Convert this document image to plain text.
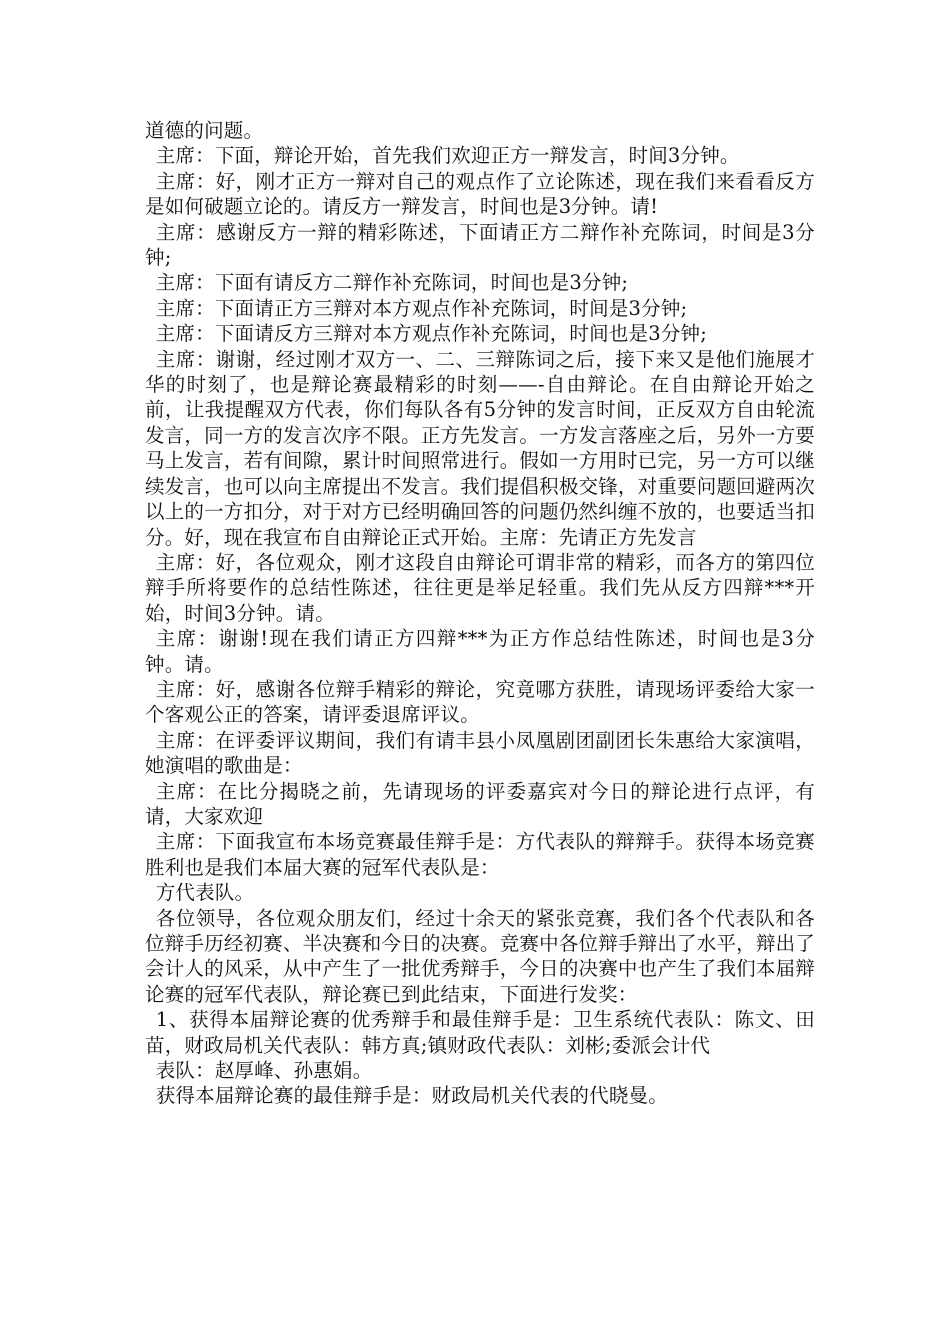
道德的问题。

主席：下面，辩论开始，首先我们欢迎正方一辩发言，时间3分钟。

主席：好，刚才正方一辩对自己的观点作了立论陈述，现在我们来看看反方是如何破题立论的。请反方一辩发言，时间也是3分钟。请!

主席：感谢反方一辩的精彩陈述，下面请正方二辩作补充陈词，时间是3分钟;

主席：下面有请反方二辩作补充陈词，时间也是3分钟;

主席：下面请正方三辩对本方观点作补充陈词，时间是3分钟;

主席：下面请反方三辩对本方观点作补充陈词，时间也是3分钟;

主席：谢谢，经过刚才双方一、二、三辩陈词之后，接下来又是他们施展才华的时刻了，也是辩论赛最精彩的时刻——-自由辩论。在自由辩论开始之前，让我提醒双方代表，你们每队各有5分钟的发言时间，正反双方自由轮流发言，同一方的发言次序不限。正方先发言。一方发言落座之后，另外一方要马上发言，若有间隙，累计时间照常进行。假如一方用时已完，另一方可以继续发言，也可以向主席提出不发言。我们提倡积极交锋，对重要问题回避两次以上的一方扣分，对于对方已经明确回答的问题仍然纠缠不放的，也要适当扣分。好，现在我宣布自由辩论正式开始。主席：先请正方先发言

主席：好，各位观众，刚才这段自由辩论可谓非常的精彩，而各方的第四位辩手所将要作的总结性陈述，往往更是举足轻重。我们先从反方四辩***开始，时间3分钟。请。

主席：谢谢!现在我们请正方四辩***为正方作总结性陈述，时间也是3分钟。请。

主席：好，感谢各位辩手精彩的辩论，究竟哪方获胜，请现场评委给大家一个客观公正的答案，请评委退席评议。

主席：在评委评议期间，我们有请丰县小凤凰剧团副团长朱惠给大家演唱，她演唱的歌曲是：

主席：在比分揭晓之前，先请现场的评委嘉宾对今日的辩论进行点评，有请，大家欢迎

主席：下面我宣布本场竞赛最佳辩手是：方代表队的辩辩手。获得本场竞赛胜利也是我们本届大赛的冠军代表队是：

方代表队。

各位领导，各位观众朋友们，经过十余天的紧张竞赛，我们各个代表队和各位辩手历经初赛、半决赛和今日的决赛。竞赛中各位辩手辩出了水平，辩出了会计人的风采，从中产生了一批优秀辩手，今日的决赛中也产生了我们本届辩论赛的冠军代表队，辩论赛已到此结束，下面进行发奖：

1、获得本届辩论赛的优秀辩手和最佳辩手是：卫生系统代表队：陈文、田苗，财政局机关代表队：韩方真;镇财政代表队：刘彬;委派会计代

表队：赵厚峰、孙惠娟。

获得本届辩论赛的最佳辩手是：财政局机关代表的代晓曼。
